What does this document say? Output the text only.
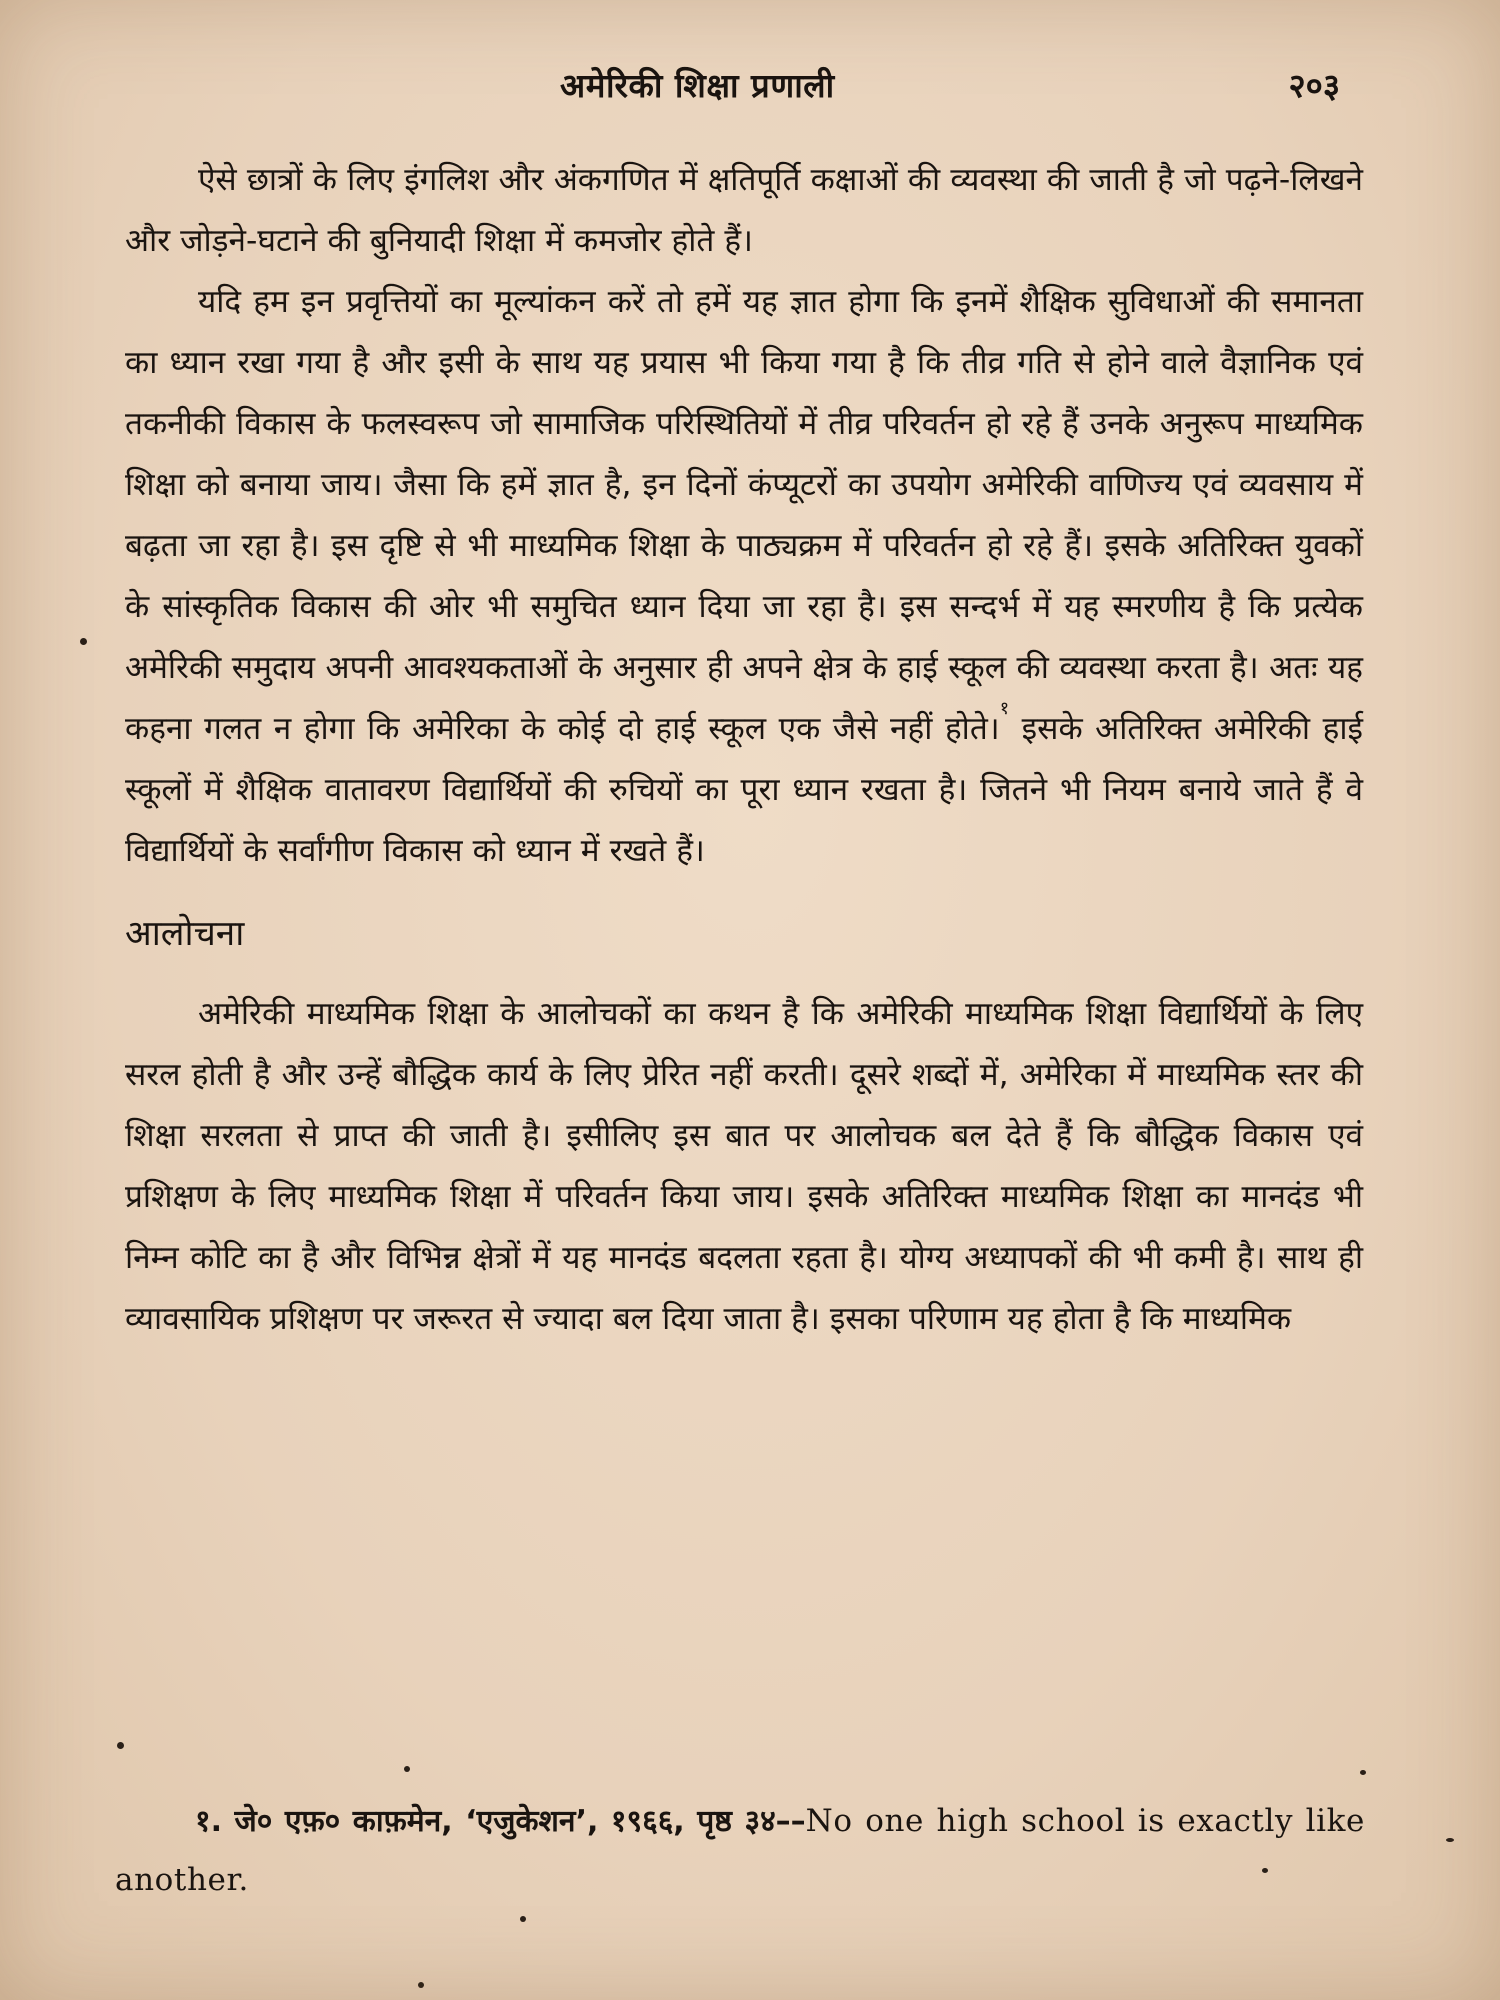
अमेरिकी शिक्षा प्रणाली	२०३

ऐसे छात्रों के लिए इंगलिश और अंकगणित में क्षतिपूर्ति कक्षाओं की व्यवस्था की जाती है जो पढ़ने-लिखने और जोड़ने-घटाने की बुनियादी शिक्षा में कमजोर होते हैं।

यदि हम इन प्रवृत्तियों का मूल्यांकन करें तो हमें यह ज्ञात होगा कि इनमें शैक्षिक सुविधाओं की समानता का ध्यान रखा गया है और इसी के साथ यह प्रयास भी किया गया है कि तीव्र गति से होने वाले वैज्ञानिक एवं तकनीकी विकास के फलस्वरूप जो सामाजिक परिस्थितियों में तीव्र परिवर्तन हो रहे हैं उनके अनुरूप माध्यमिक शिक्षा को बनाया जाय। जैसा कि हमें ज्ञात है, इन दिनों कंप्यूटरों का उपयोग अमेरिकी वाणिज्य एवं व्यवसाय में बढ़ता जा रहा है। इस दृष्टि से भी माध्यमिक शिक्षा के पाठ्यक्रम में परिवर्तन हो रहे हैं। इसके अतिरिक्त युवकों के सांस्कृतिक विकास की ओर भी समुचित ध्यान दिया जा रहा है। इस सन्दर्भ में यह स्मरणीय है कि प्रत्येक अमेरिकी समुदाय अपनी आवश्यकताओं के अनुसार ही अपने क्षेत्र के हाई स्कूल की व्यवस्था करता है। अतः यह कहना गलत न होगा कि अमेरिका के कोई दो हाई स्कूल एक जैसे नहीं होते।$^१$ इसके अतिरिक्त अमेरिकी हाई स्कूलों में शैक्षिक वातावरण विद्यार्थियों की रुचियों का पूरा ध्यान रखता है। जितने भी नियम बनाये जाते हैं वे विद्यार्थियों के सर्वांगीण विकास को ध्यान में रखते हैं।

आलोचना

अमेरिकी माध्यमिक शिक्षा के आलोचकों का कथन है कि अमेरिकी माध्यमिक शिक्षा विद्यार्थियों के लिए सरल होती है और उन्हें बौद्धिक कार्य के लिए प्रेरित नहीं करती। दूसरे शब्दों में, अमेरिका में माध्यमिक स्तर की शिक्षा सरलता से प्राप्त की जाती है। इसीलिए इस बात पर आलोचक बल देते हैं कि बौद्धिक विकास एवं प्रशिक्षण के लिए माध्यमिक शिक्षा में परिवर्तन किया जाय। इसके अतिरिक्त माध्यमिक शिक्षा का मानदंड भी निम्न कोटि का है और विभिन्न क्षेत्रों में यह मानदंड बदलता रहता है। योग्य अध्यापकों की भी कमी है। साथ ही व्यावसायिक प्रशिक्षण पर जरूरत से ज्यादा बल दिया जाता है। इसका परिणाम यह होता है कि माध्यमिक

१. जे० एफ़० काफ़मेन, ‘एजुकेशन’, १९६६, पृष्ठ ३४––No one high school is exactly like another.
